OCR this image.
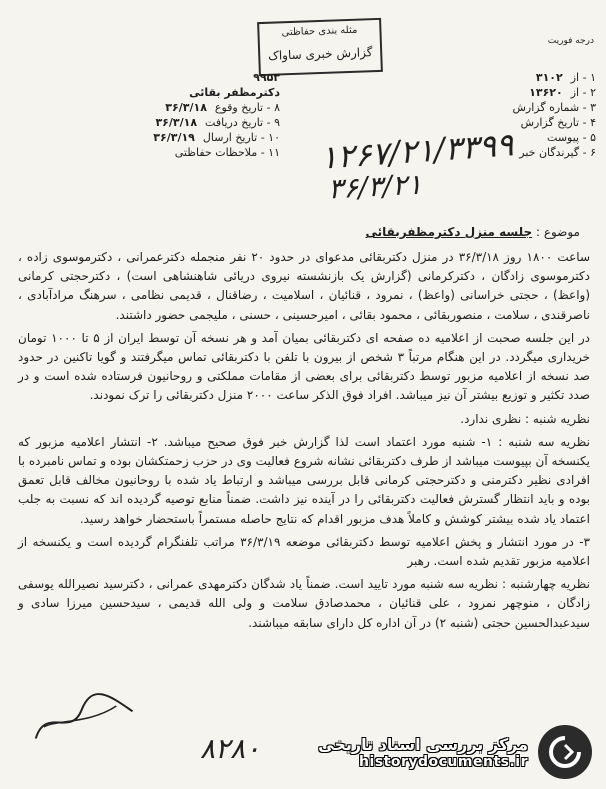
مثله بندی حفاظتی
گزارش خبری ساواک
درجه فوریت
۹۹۵۳
دکترمظفر بقائی
۸ - تاریخ وقوع
۳۶/۳/۱۸
۹ - تاریخ دریافت
۳۶/۳/۱۸
۱۰ - تاریخ ارسال
۳۶/۳/۱۹
۱۱ - ملاحظات حفاظتی
۱ - از
۳۱۰۲
۲ - از
۱۳۶۲۰
۳ - شماره گزارش
۴ - تاریخ گزارش
۵ - پیوست
۶ - گیرندگان خبر
۱۲۶۷/۲۱/۳۳۹۹
۳۶/۳/۲۱
موضوع : جلسه منزل دکترمظفربقائی

ساعت ۱۸۰۰ روز ۳۶/۳/۱۸ در منزل دکتربقائی مدعوای در حدود ۲۰ نفر منجمله دکترعمرانی ، دکترموسوی زاده ، دکترموسوی زادگان ، دکترکرمانی (گزارش یک بازنشسته نیروی دریائی شاهنشاهی است) ، دکترحجتی کرمانی (واعظ) ، حجتی خراسانی (واعظ) ، نمرود ، قنائیان ، اسلامیت ، رضاقنال ، قدیمی نظامی ، سرهنگ مرادآبادی ، ناصرقندی ، سلامت ، منصوربقائی ، محمود بقائی ، امیرحسینی ، حسنی ، ملیجمی حضور داشتند.

در این جلسه صحبت از اعلامیه ده صفحه ای دکتربقائی بمیان آمد و هر نسخه آن توسط ایران از ۵ تا ۱۰۰۰ تومان خریداری میگردد. در این هنگام مرتباً ۳ شخص از بیرون با تلفن با دکتربقائی تماس میگرفتند و گویا تاکنین در حدود صد نسخه از اعلامیه مزبور توسط دکتربقائی برای بعضی از مقامات مملکتی و روحانیون فرستاده شده است و در صدد تکثیر و توزیع بیشتر آن نیز میباشد. افراد فوق الذکر ساعت ۲۰۰۰ منزل دکتربقائی را ترک نمودند.

نظریه شنبه : نظری ندارد.

نظریه سه شنبه : ۱- شنبه مورد اعتماد است لذا گزارش خبر فوق صحیح میباشد. ۲- انتشار اعلامیه مزبور که یکنسخه آن بپیوست میباشد از طرف دکتربقائی نشانه شروع فعالیت وی در حزب زحمتکشان بوده و تماس نامبرده با افرادی نظیر دکترمنی و دکترحجتی کرمانی قابل بررسی میباشد و ارتباط یاد شده با روحانیون مخالف قابل تعمق بوده و باید انتظار گسترش فعالیت دکتربقائی را در آینده نیز داشت. ضمناً منابع توصیه گردیده اند که نسبت به جلب اعتماد یاد شده بیشتر کوشش و کاملاً هدف مزبور اقدام که نتایج حاصله مستمراً باستحضار خواهد رسید.

۳- در مورد انتشار و پخش اعلامیه توسط دکتربقائی موضعه ۳۶/۳/۱۹ مراتب تلفنگرام گردیده است و یکنسخه از اعلامیه مزبور تقدیم شده است. رهبر

نظریه چهارشنبه : نظریه سه شنبه مورد تایید است. ضمناً یاد شدگان دکترمهدی عمرانی ، دکترسید نصیرالله یوسفی زادگان ، منوچهر نمرود ، علی قنائیان ، محمدصادق سلامت و ولی الله قدیمی ، سیدحسین میرزا سادی و سیدعبدالحسین حجتی (شنبه ۲) در آن اداره کل دارای سابقه میباشند.

۸۲۸۰	مرکز بررسی اسناد تاریخی
historydocuments.ir
